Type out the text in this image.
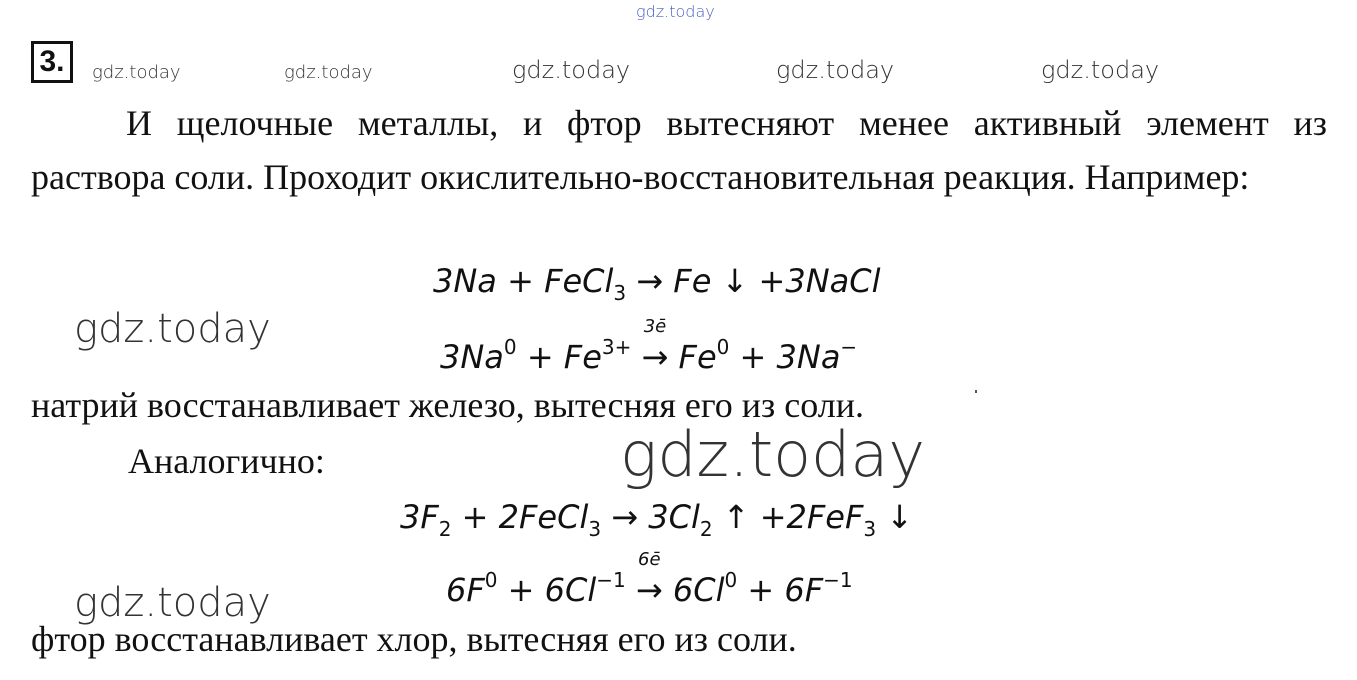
gdz.today
gdz.today	gdz.today	gdz.today	gdz.today	gdz.today
gdz.today
gdz.today
gdz.today
3.

И щелочные металлы, и фтор вытесняют менее активный элемент из раствора соли. Проходит окислительно-восстановительная реакция. Например:

3Na + FeCl$_3$ → Fe ↓ +3NaCl
$3Na^0 + Fe^{3+}$
3ē
→ $Fe^0 + 3Na^-$
натрий восстанавливает железо, вытесняя его из соли.
Аналогично:
$3F_2$ + 2FeCl$_3$ → $3Cl_2$ ↑ +2FeF$_3$ ↓
$6F^0 + 6Cl^{-1}$
6ē
→ $6Cl^0 + 6F^{-1}$
фтор восстанавливает хлор, вытесняя его из соли.
